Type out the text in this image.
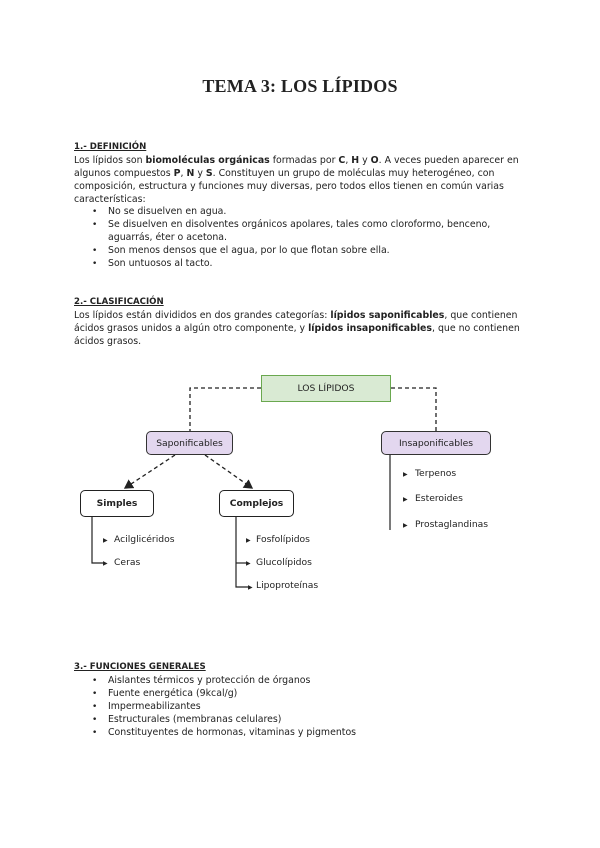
TEMA 3: LOS LÍPIDOS
1.- DEFINICIÓN
Los lípidos son biomoléculas orgánicas formadas por C, H y O. A veces pueden aparecer en algunos compuestos P, N y S. Constituyen un grupo de moléculas muy heterogéneo, con composición, estructura y funciones muy diversas, pero todos ellos tienen en común varias características:
• No se disuelven en agua.
• Se disuelven en disolventes orgánicos apolares, tales como cloroformo, benceno, aguarrás, éter o acetona.
• Son menos densos que el agua, por lo que flotan sobre ella.
• Son untuosos al tacto.
2.- CLASIFICACIÓN
Los lípidos están divididos en dos grandes categorías: lípidos saponificables, que contienen ácidos grasos unidos a algún otro componente, y lípidos insaponificables, que no contienen ácidos grasos.
LOS LÍPIDOS
Saponificables	Insaponificables
Simples	Complejos
▶ Acilglicéridos
▶ Ceras
▶ Fosfolípidos
▶ Glucolípidos
▶ Lipoproteínas
▶ Terpenos
▶ Esteroides
▶ Prostaglandinas
3.- FUNCIONES GENERALES
• Aislantes térmicos y protección de órganos
• Fuente energética (9kcal/g)
• Impermeabilizantes
• Estructurales (membranas celulares)
• Constituyentes de hormonas, vitaminas y pigmentos
